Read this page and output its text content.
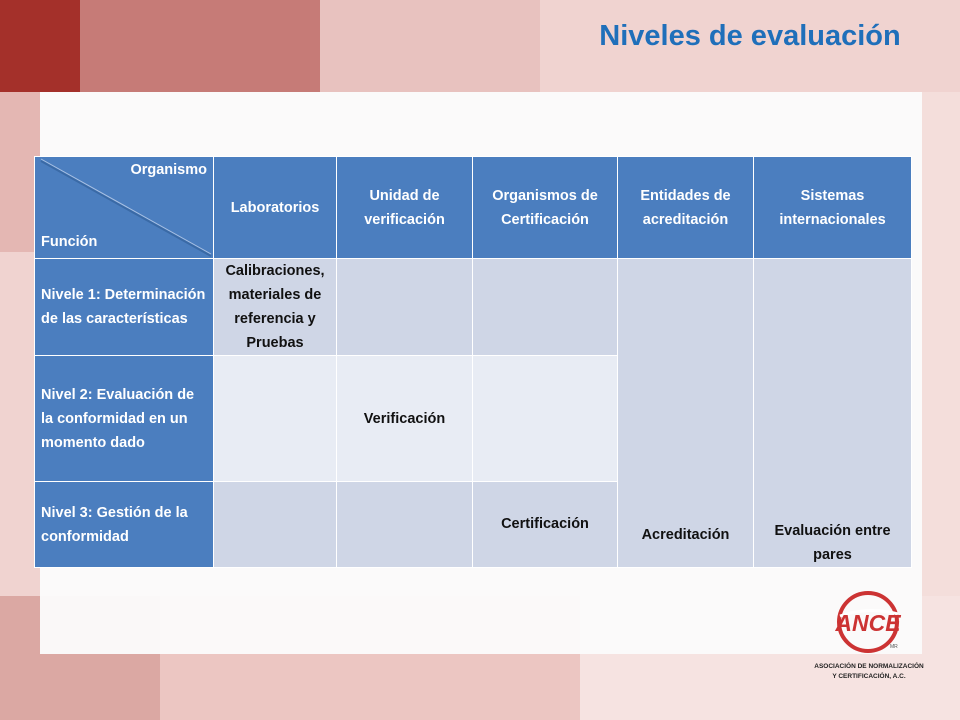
Niveles de evaluación
Organismo
Función	Laboratorios	Unidad de verificación	Organismos de Certificación	Entidades de acreditación	Sistemas internacionales
Nivele 1: Determinación de las características	Calibraciones, materiales de referencia y Pruebas			Acreditación	Evaluación entre pares
Nivel 2: Evaluación de la conformidad en un momento dado		Verificación			
Nivel 3: Gestión de la conformidad			Certificación		
ANCE
MR
ASOCIACIÓN DE NORMALIZACIÓN
Y CERTIFICACIÓN, A.C.
